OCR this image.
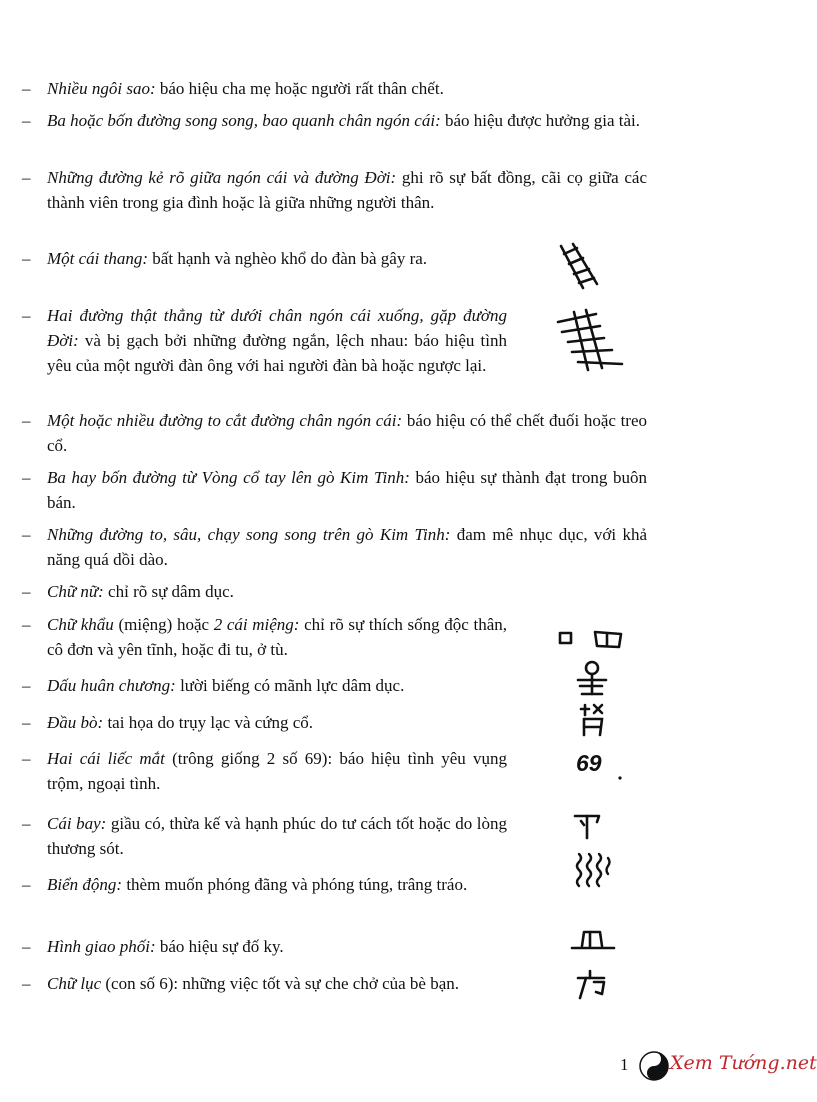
– Nhiều ngôi sao: báo hiệu cha mẹ hoặc người rất thân chết.
– Ba hoặc bốn đường song song, bao quanh chân ngón cái: báo hiệu được hưởng gia tài.
– Những đường kẻ rõ giữa ngón cái và đường Đời: ghi rõ sự bất đồng, cãi cọ giữa các thành viên trong gia đình hoặc là giữa những người thân.
– Một cái thang: bất hạnh và nghèo khổ do đàn bà gây ra.
– Hai đường thật thẳng từ dưới chân ngón cái xuống, gặp đường Đời: và bị gạch bởi những đường ngắn, lệch nhau: báo hiệu tình yêu của một người đàn ông với hai người đàn bà hoặc ngược lại.
– Một hoặc nhiều đường to cắt đường chân ngón cái: báo hiệu có thể chết đuối hoặc treo cổ.
– Ba hay bốn đường từ Vòng cổ tay lên gò Kim Tinh: báo hiệu sự thành đạt trong buôn bán.
– Những đường to, sâu, chạy song song trên gò Kim Tinh: đam mê nhục dục, với khả năng quá dồi dào.
– Chữ nữ: chỉ rõ sự dâm dục.
– Chữ khẩu (miệng) hoặc 2 cái miệng: chỉ rõ sự thích sống độc thân, cô đơn và yên tĩnh, hoặc đi tu, ở tù.
– Dấu huân chương: lười biếng có mãnh lực dâm dục.
– Đầu bò: tai họa do trụy lạc và cứng cổ.
– Hai cái liếc mắt (trông giống 2 số 69): báo hiệu tình yêu vụng trộm, ngoại tình.
– Cái bay: giầu có, thừa kế và hạnh phúc do tư cách tốt hoặc do lòng thương sót.
– Biển động: thèm muốn phóng đãng và phóng túng, trâng tráo.
– Hình giao phối: báo hiệu sự đố ky.
– Chữ lục (con số 6): những việc tốt và sự che chở của bè bạn.
69
1 Xem Tướng.net
